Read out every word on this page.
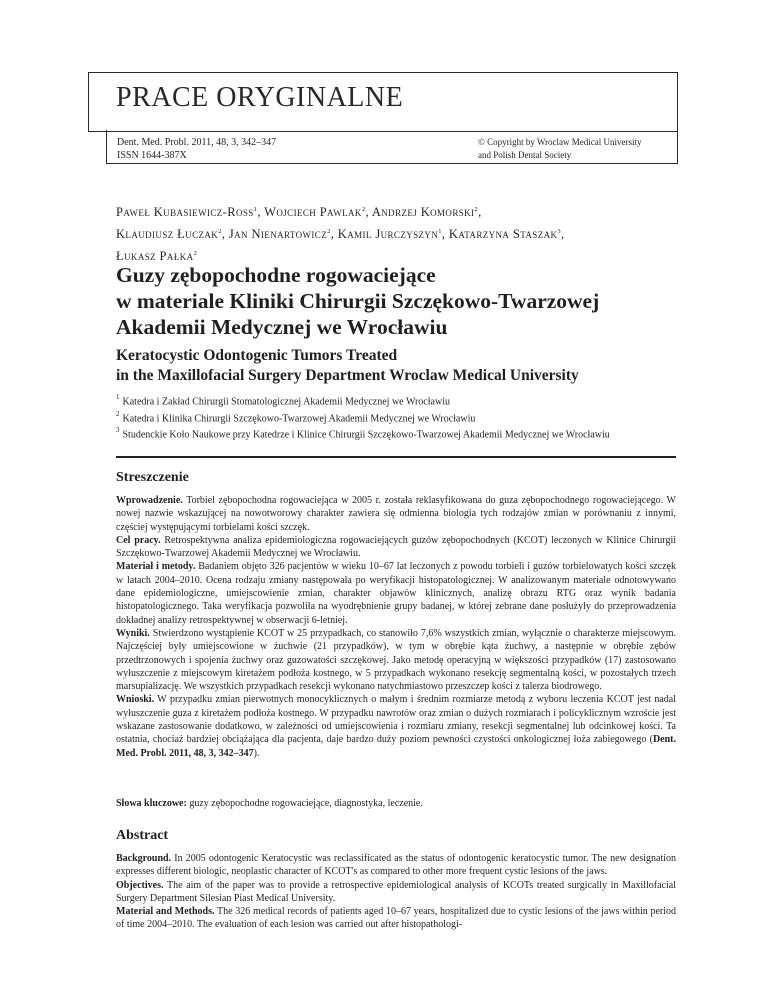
PRACE ORYGINALNE
Dent. Med. Probl. 2011, 48, 3, 342–347
ISSN 1644-387X
© Copyright by Wroclaw Medical University
and Polish Dental Society
Paweł Kubasiewicz-Ross$^1$, Wojciech Pawlak$^2$, Andrzej Komorski$^2$,
Klaudiusz Łuczak$^2$, Jan Nienartowicz$^2$, Kamil Jurczyszyn$^1$, Katarzyna Staszak$^3$,
Łukasz Pałka$^2$
Guzy zębopochodne rogowaciejące
w materiale Kliniki Chirurgii Szczękowo-Twarzowej
Akademii Medycznej we Wrocławiu
Keratocystic Odontogenic Tumors Treated
in the Maxillofacial Surgery Department Wroclaw Medical University
$^1$ Katedra i Zakład Chirurgii Stomatologicznej Akademii Medycznej we Wrocławiu
$^2$ Katedra i Klinika Chirurgii Szczękowo-Twarzowej Akademii Medycznej we Wrocławiu
$^3$ Studenckie Koło Naukowe przy Katedrze i Klinice Chirurgii Szczękowo-Twarzowej Akademii Medycznej we Wrocławiu
Streszczenie

Wprowadzenie. Torbiel zębopochodna rogowaciejąca w 2005 r. została reklasyfikowana do guza zębopochodnego rogowaciejącego. W nowej nazwie wskazującej na nowotworowy charakter zawiera się odmienna biologia tych rodzajów zmian w porównaniu z innymi, częściej występującymi torbielami kości szczęk.

Cel pracy. Retrospektywna analiza epidemiologiczna rogowaciejących guzów zębopochodnych (KCOT) leczonych w Klinice Chirurgii Szczękowo-Twarzowej Akademii Medycznej we Wrocławiu.

Materiał i metody. Badaniem objęto 326 pacjentów w wieku 10–67 lat leczonych z powodu torbieli i guzów torbielowatych kości szczęk w latach 2004–2010. Ocena rodzaju zmiany następowała po weryfikacji histopatologicznej. W analizowanym materiale odnotowywano dane epidemiologiczne, umiejscowienie zmian, charakter objawów klinicznych, analizę obrazu RTG oraz wynik badania histopatologicznego. Taka weryfikacja pozwoliła na wyodrębnienie grupy badanej, w której zebrane dane posłużyły do przeprowadzenia dokładnej analizy retrospektywnej w obserwacji 6-letniej.

Wyniki. Stwierdzono wystąpienie KCOT w 25 przypadkach, co stanowiło 7,6% wszystkich zmian, wyłącznie o charakterze miejscowym. Najczęściej były umiejscowione w żuchwie (21 przypadków), w tym w obrębie kąta żuchwy, a następnie w obrębie zębów przedtrzonowych i spojenia żuchwy oraz guzowatości szczękowej. Jako metodę operacyjną w większości przypadków (17) zastosowano wyłuszczenie z miejscowym kiretażem podłoża kostnego, w 5 przypadkach wykonano resekcję segmentalną kości, w pozostałych trzech marsupializację. We wszystkich przypadkach resekcji wykonano natychmiastowo przeszczep kości z talerza biodrowego.

Wnioski. W przypadku zmian pierwotnych monocyklicznych o małym i średnim rozmiarze metodą z wyboru leczenia KCOT jest nadal wyłuszczenie guza z kiretażem podłoża kostnego. W przypadku nawrotów oraz zmian o dużych rozmiarach i policyklicznym wzroście jest wskazane zastosowanie dodatkowo, w zależności od umiejscowienia i rozmiaru zmiany, resekcji segmentalnej lub odcinkowej kości. Ta ostatnia, chociaż bardziej obciążająca dla pacjenta, daje bardzo duży poziom pewności czystości onkologicznej łoża zabiegowego (Dent. Med. Probl. 2011, 48, 3, 342–347).

Słowa kluczowe: guzy zębopochodne rogowaciejące, diagnostyka, leczenie.
Abstract

Background. In 2005 odontogenic Keratocystic was reclassificated as the status of odontogenic keratocystic tumor. The new designation expresses different biologic, neoplastic character of KCOT's as compared to other more frequent cystic lesions of the jaws.

Objectives. The aim of the paper was to provide a retrospective epidemiological analysis of KCOTs treated surgically in Maxillofacial Surgery Department Silesian Piast Medical University.

Material and Methods. The 326 medical records of patients aged 10–67 years, hospitalized due to cystic lesions of the jaws within period of time 2004–2010. The evaluation of each lesion was carried out after histopathologi-
